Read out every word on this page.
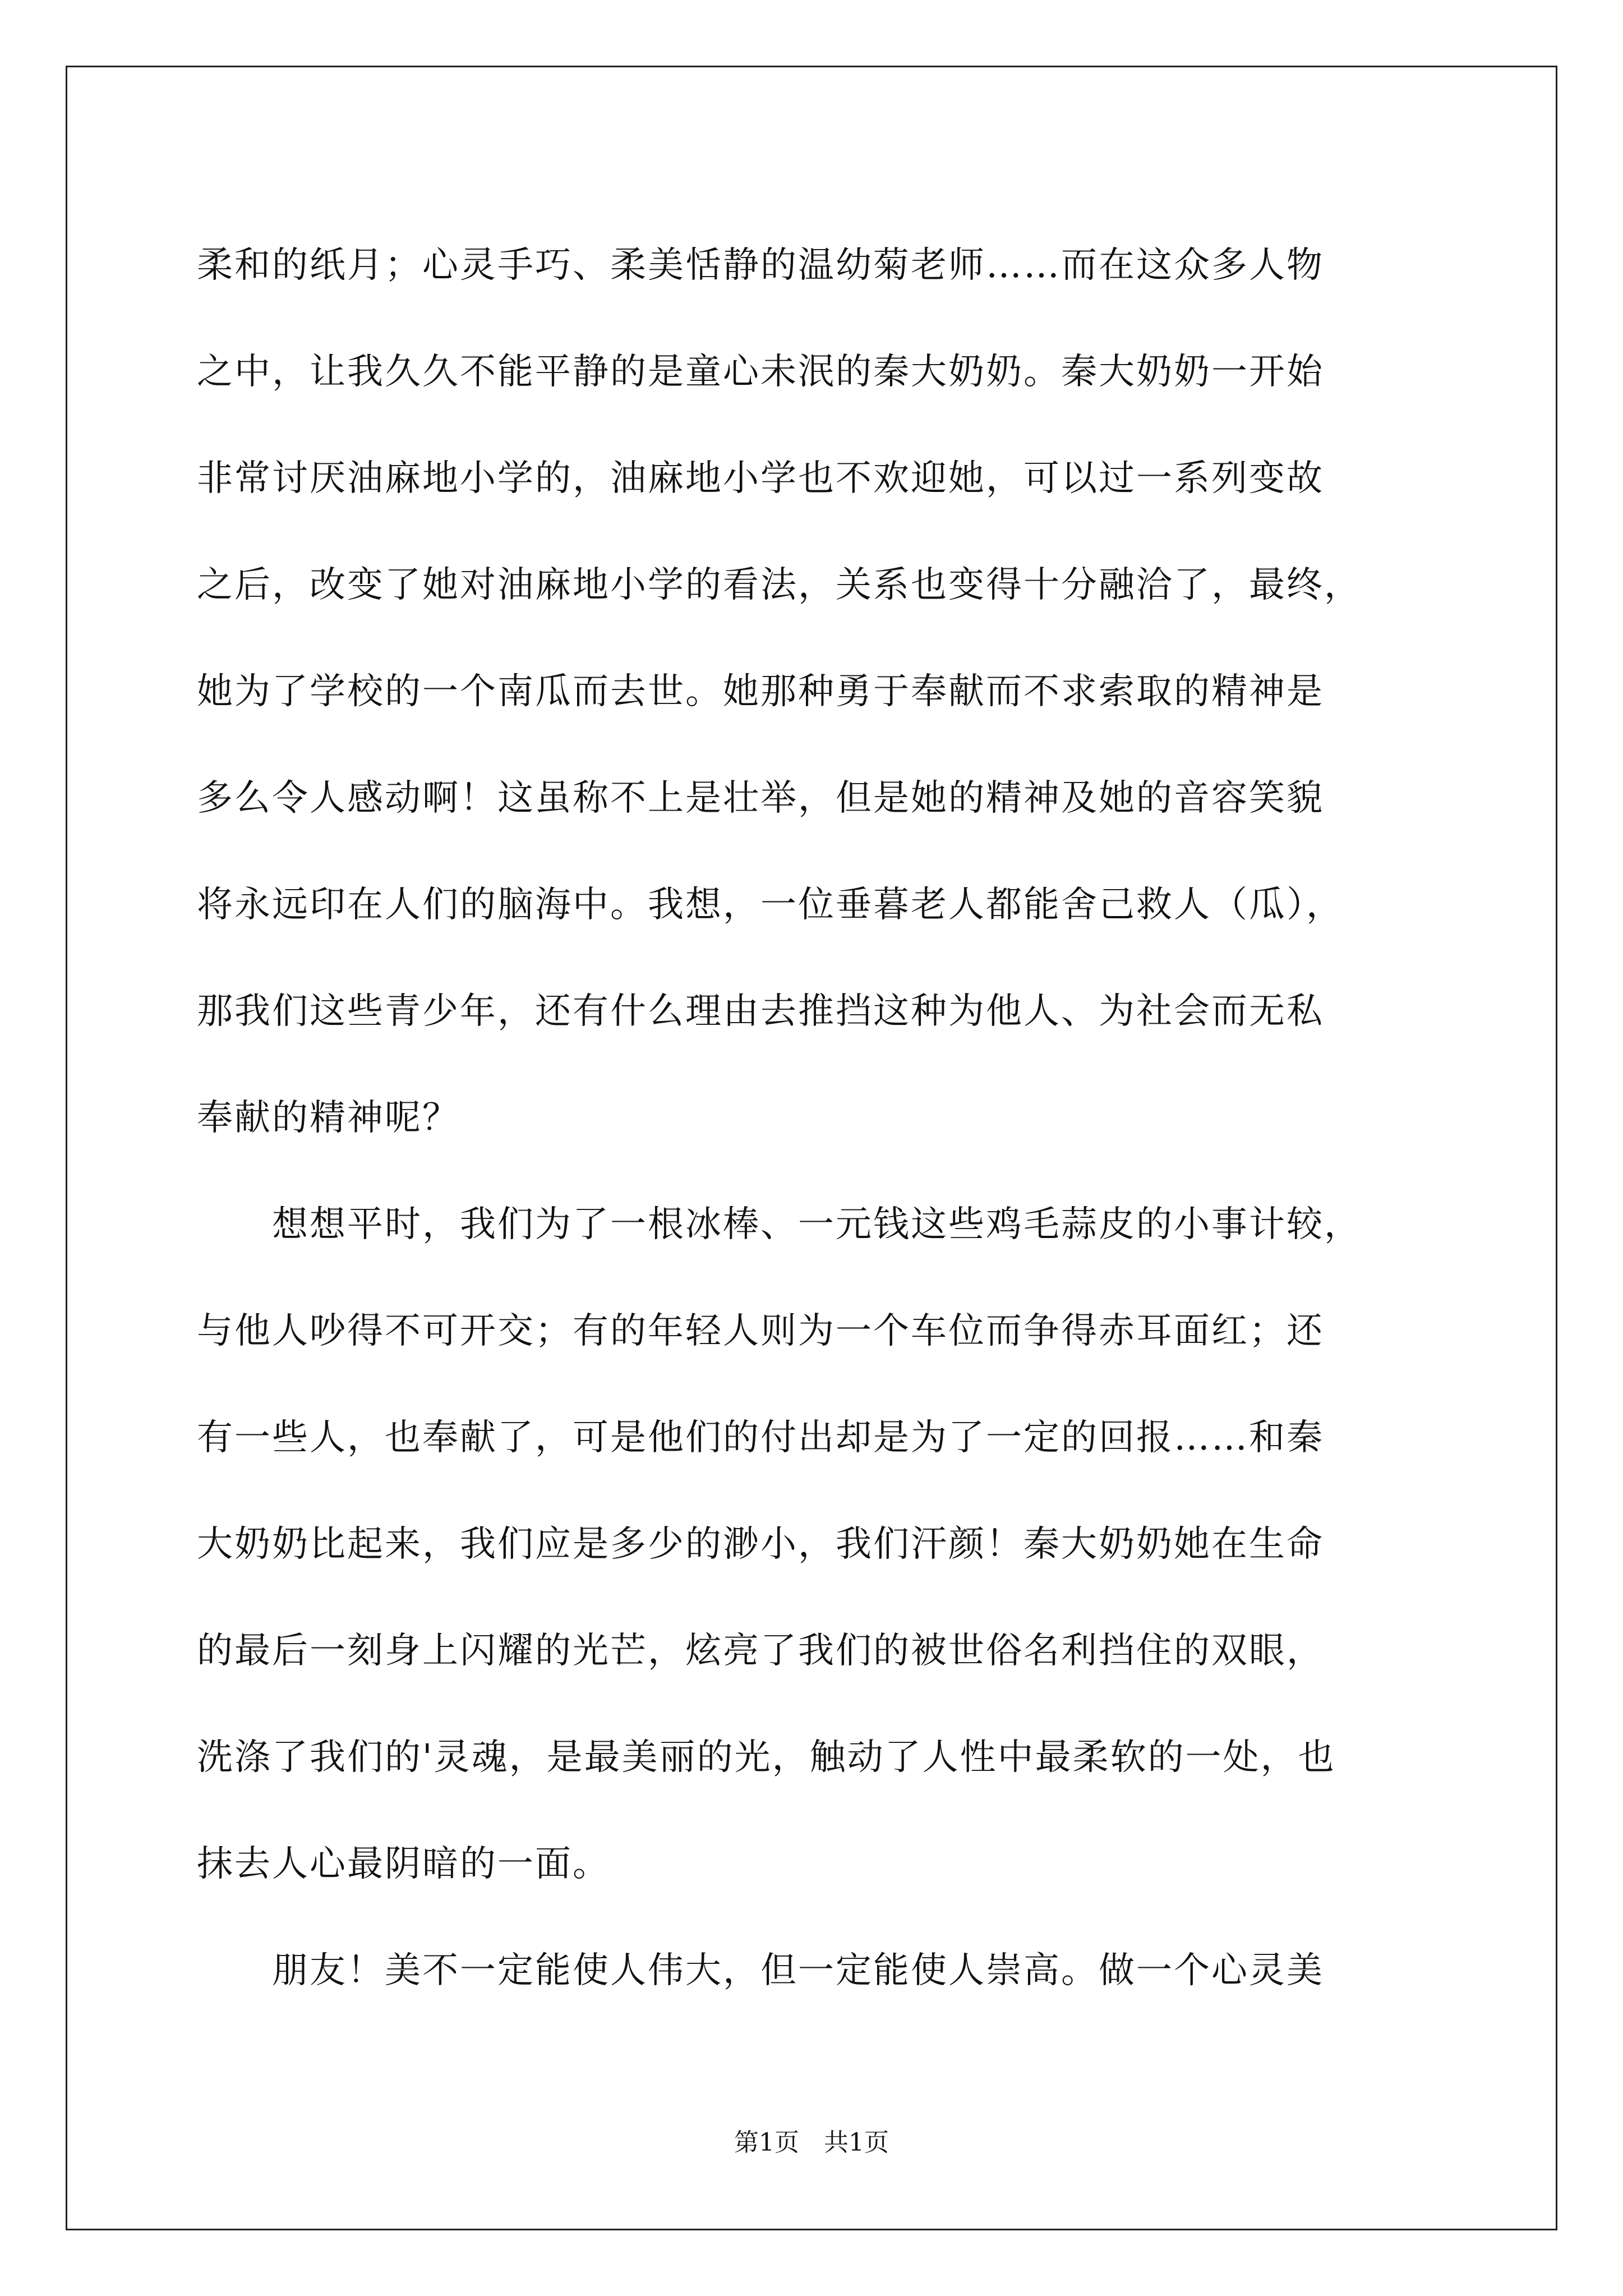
柔和的纸月；心灵手巧、柔美恬静的温幼菊老师……而在这众多人物
之中，让我久久不能平静的是童心未泯的秦大奶奶。秦大奶奶一开始
非常讨厌油麻地小学的，油麻地小学也不欢迎她，可以过一系列变故
之后，改变了她对油麻地小学的看法，关系也变得十分融洽了，最终，
她为了学校的一个南瓜而去世。她那种勇于奉献而不求索取的精神是
多么令人感动啊！这虽称不上是壮举，但是她的精神及她的音容笑貌
将永远印在人们的脑海中。我想，一位垂暮老人都能舍己救人（瓜），
那我们这些青少年，还有什么理由去推挡这种为他人、为社会而无私
奉献的精神呢？
　　想想平时，我们为了一根冰棒、一元钱这些鸡毛蒜皮的小事计较，
与他人吵得不可开交；有的年轻人则为一个车位而争得赤耳面红；还
有一些人，也奉献了，可是他们的付出却是为了一定的回报……和秦
大奶奶比起来，我们应是多少的渺小，我们汗颜！秦大奶奶她在生命
的最后一刻身上闪耀的光芒，炫亮了我们的被世俗名利挡住的双眼，
洗涤了我们的'灵魂，是最美丽的光，触动了人性中最柔软的一处，也
抹去人心最阴暗的一面。
　　朋友！美不一定能使人伟大，但一定能使人崇高。做一个心灵美
第1页　共1页
